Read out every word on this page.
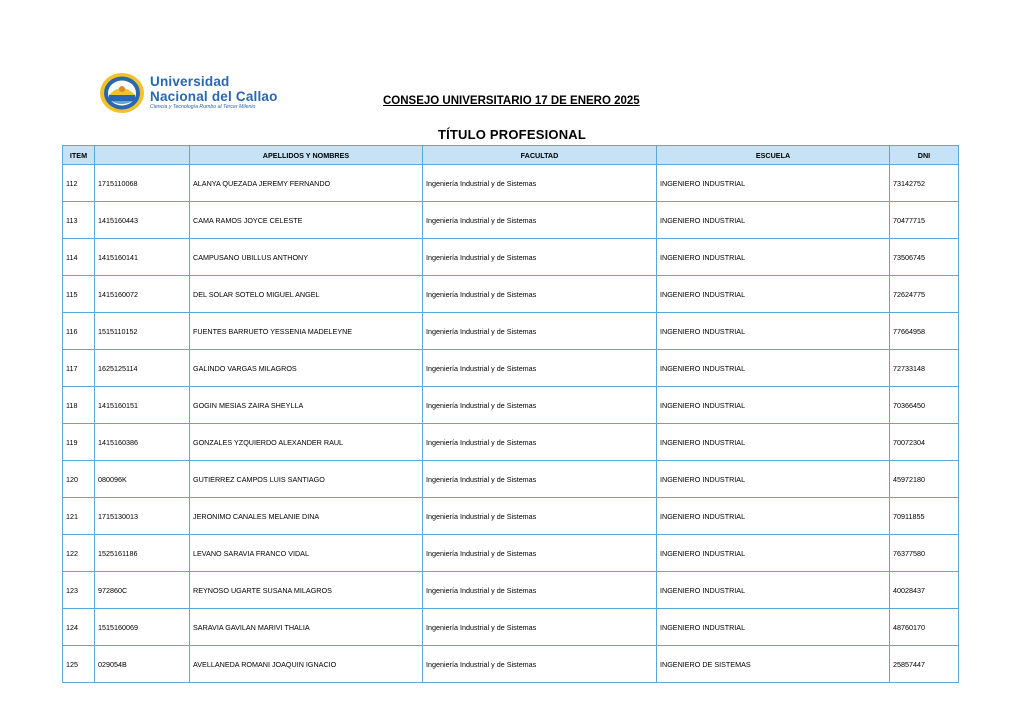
Universidad
Nacional del Callao
Ciencia y Tecnología Rumbo al Tercer Milenio
CONSEJO UNIVERSITARIO 17 DE ENERO 2025
TÍTULO PROFESIONAL
ITEM		APELLIDOS Y NOMBRES	FACULTAD	ESCUELA	DNI
112	1715110068	ALANYA QUEZADA JEREMY FERNANDO	Ingeniería Industrial y de Sistemas	INGENIERO INDUSTRIAL	73142752
113	1415160443	CAMA RAMOS JOYCE CELESTE	Ingeniería Industrial y de Sistemas	INGENIERO INDUSTRIAL	70477715
114	1415160141	CAMPUSANO UBILLUS ANTHONY	Ingeniería Industrial y de Sistemas	INGENIERO INDUSTRIAL	73506745
115	1415160072	DEL SOLAR SOTELO MIGUEL ANGEL	Ingeniería Industrial y de Sistemas	INGENIERO INDUSTRIAL	72624775
116	1515110152	FUENTES BARRUETO YESSENIA MADELEYNE	Ingeniería Industrial y de Sistemas	INGENIERO INDUSTRIAL	77664958
117	1625125114	GALINDO VARGAS MILAGROS	Ingeniería Industrial y de Sistemas	INGENIERO INDUSTRIAL	72733148
118	1415160151	GOGIN MESIAS ZAIRA SHEYLLA	Ingeniería Industrial y de Sistemas	INGENIERO INDUSTRIAL	70366450
119	1415160386	GONZALES YZQUIERDO ALEXANDER RAUL	Ingeniería Industrial y de Sistemas	INGENIERO INDUSTRIAL	70072304
120	080096K	GUTIERREZ CAMPOS LUIS SANTIAGO	Ingeniería Industrial y de Sistemas	INGENIERO INDUSTRIAL	45972180
121	1715130013	JERONIMO CANALES MELANIE DINA	Ingeniería Industrial y de Sistemas	INGENIERO INDUSTRIAL	70911855
122	1525161186	LEVANO SARAVIA FRANCO VIDAL	Ingeniería Industrial y de Sistemas	INGENIERO INDUSTRIAL	76377580
123	972860C	REYNOSO UGARTE SUSANA MILAGROS	Ingeniería Industrial y de Sistemas	INGENIERO INDUSTRIAL	40028437
124	1515160069	SARAVIA GAVILAN MARIVI THALIA	Ingeniería Industrial y de Sistemas	INGENIERO INDUSTRIAL	48760170
125	029054B	AVELLANEDA ROMANI JOAQUIN IGNACIO	Ingeniería Industrial y de Sistemas	INGENIERO DE SISTEMAS	25857447
